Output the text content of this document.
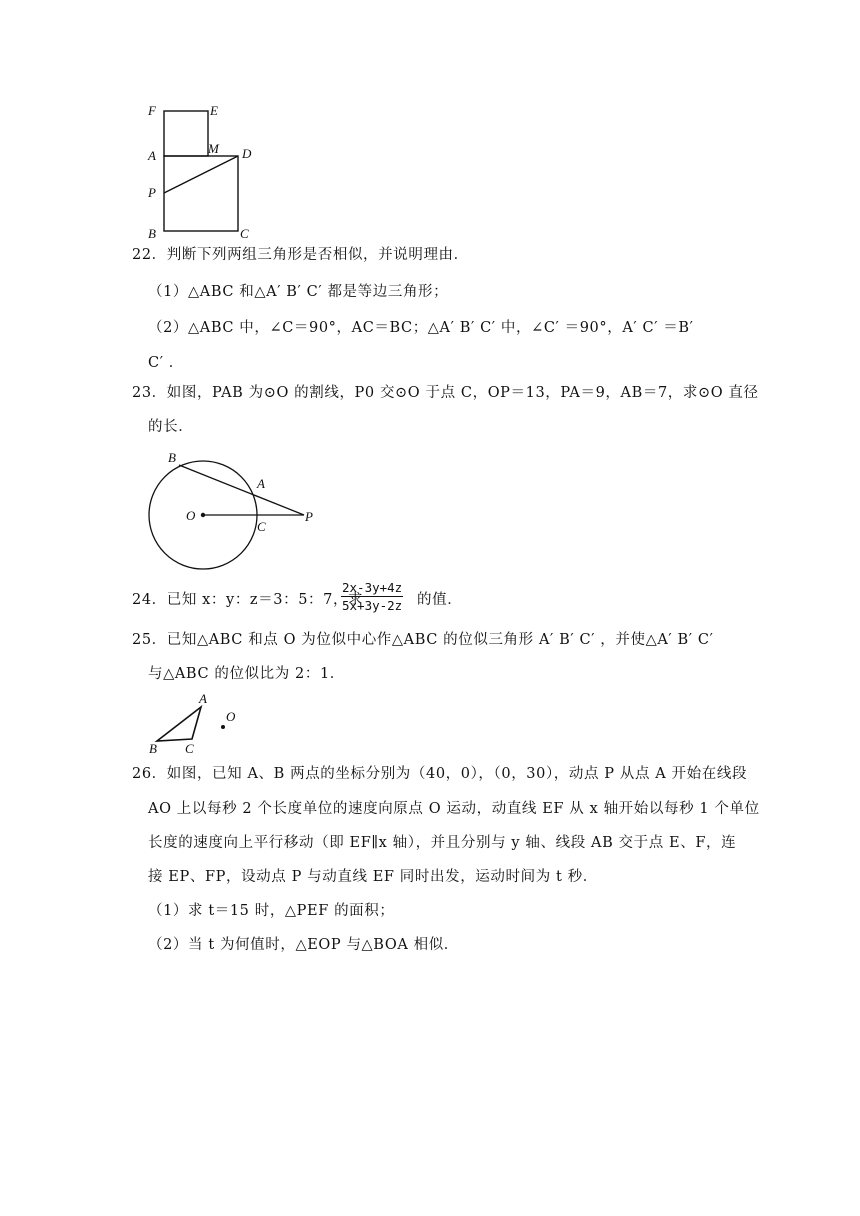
F	E
A	M D
P
B	C
22．判断下列两组三角形是否相似，并说明理由．
（1）△ABC 和△A′ B′ C′ 都是等边三角形；
（2）△ABC 中，∠C＝90°，AC＝BC；△A′ B′ C′ 中，∠C′ ＝90°，A′ C′ ＝B′
C′ ．
23．如图，PAB 为⊙O 的割线，P0 交⊙O 于点 C，OP＝13，PA＝9，AB＝7，求⊙O 直径
的长．
B
A
O
C
P
24．已知 x：y：z＝3：5：7，求
$\frac{2x-3y+4z}{5x+3y-2z}$ 的值．
25．已知△ABC 和点 O 为位似中心作△ABC 的位似三角形 A′ B′ C′ ，并使△A′ B′ C′
与△ABC 的位似比为 2：1．
A
O
B C
26．如图，已知 A、B 两点的坐标分别为（40，0），（0，30），动点 P 从点 A 开始在线段
AO 上以每秒 2 个长度单位的速度向原点 O 运动，动直线 EF 从 x 轴开始以每秒 1 个单位
长度的速度向上平行移动（即 EF∥x 轴），并且分别与 y 轴、线段 AB 交于点 E、F，连
接 EP、FP，设动点 P 与动直线 EF 同时出发，运动时间为 t 秒．
（1）求 t＝15 时，△PEF 的面积；
（2）当 t 为何值时，△EOP 与△BOA 相似．
